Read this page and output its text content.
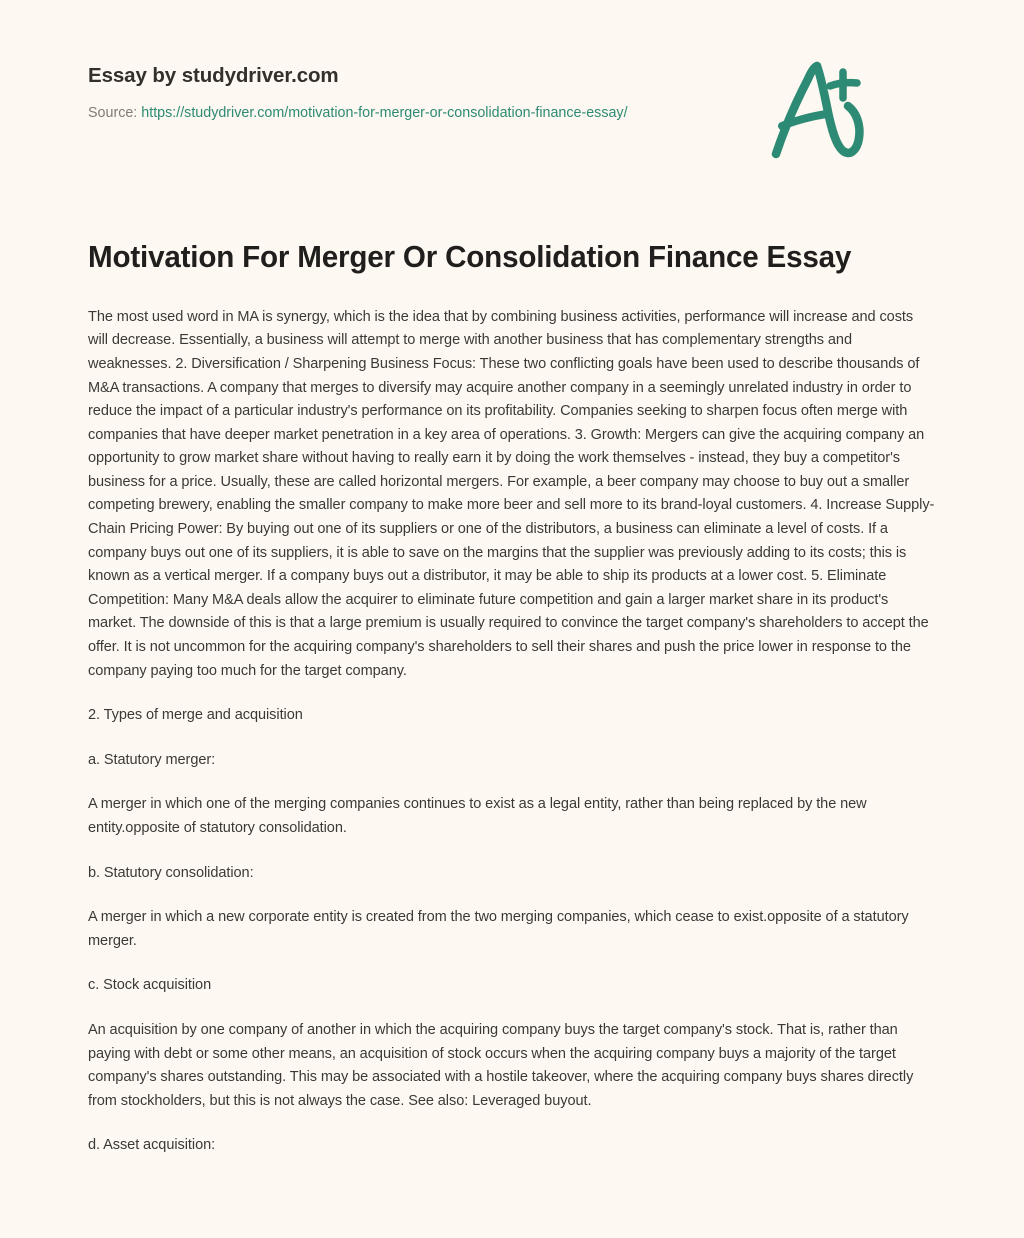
Essay by studydriver.com
Source: https://studydriver.com/motivation-for-merger-or-consolidation-finance-essay/
Motivation For Merger Or Consolidation Finance Essay

The most used word in MA is synergy, which is the idea that by combining business activities, performance will increase and costs will decrease. Essentially, a business will attempt to merge with another business that has complementary strengths and weaknesses. 2. Diversification / Sharpening Business Focus: These two conflicting goals have been used to describe thousands of M&A transactions. A company that merges to diversify may acquire another company in a seemingly unrelated industry in order to reduce the impact of a particular industry's performance on its profitability. Companies seeking to sharpen focus often merge with companies that have deeper market penetration in a key area of operations. 3. Growth: Mergers can give the acquiring company an opportunity to grow market share without having to really earn it by doing the work themselves - instead, they buy a competitor's business for a price. Usually, these are called horizontal mergers. For example, a beer company may choose to buy out a smaller competing brewery, enabling the smaller company to make more beer and sell more to its brand-loyal customers. 4. Increase Supply-Chain Pricing Power: By buying out one of its suppliers or one of the distributors, a business can eliminate a level of costs. If a company buys out one of its suppliers, it is able to save on the margins that the supplier was previously adding to its costs; this is known as a vertical merger. If a company buys out a distributor, it may be able to ship its products at a lower cost. 5. Eliminate Competition: Many M&A deals allow the acquirer to eliminate future competition and gain a larger market share in its product's market. The downside of this is that a large premium is usually required to convince the target company's shareholders to accept the offer. It is not uncommon for the acquiring company's shareholders to sell their shares and push the price lower in response to the company paying too much for the target company.

2. Types of merge and acquisition

a. Statutory merger:

A merger in which one of the merging companies continues to exist as a legal entity, rather than being replaced by the new entity.opposite of statutory consolidation.

b. Statutory consolidation:

A merger in which a new corporate entity is created from the two merging companies, which cease to exist.opposite of a statutory merger.

c. Stock acquisition

An acquisition by one company of another in which the acquiring company buys the target company's stock. That is, rather than paying with debt or some other means, an acquisition of stock occurs when the acquiring company buys a majority of the target company's shares outstanding. This may be associated with a hostile takeover, where the acquiring company buys shares directly from stockholders, but this is not always the case. See also: Leveraged buyout.

d. Asset acquisition:
